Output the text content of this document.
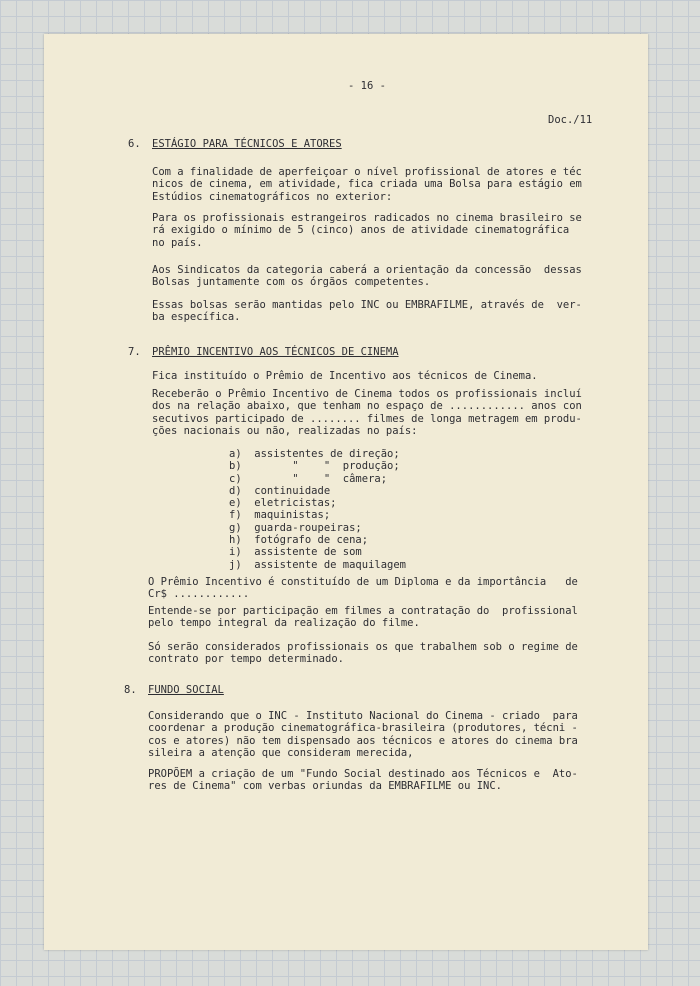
- 16 -

Doc./11

6. ESTÁGIO PARA TÉCNICOS E ATORES

Com a finalidade de aperfeiçoar o nível profissional de atores e téc
nicos de cinema, em atividade, fica criada uma Bolsa para estágio em
Estúdios cinematográficos no exterior:

Para os profissionais estrangeiros radicados no cinema brasileiro se
rá exigido o mínimo de 5 (cinco) anos de atividade cinematográfica
no país.

Aos Sindicatos da categoria caberá a orientação da concessão  dessas
Bolsas juntamente com os órgãos competentes.

Essas bolsas serão mantidas pelo INC ou EMBRAFILME, através de  ver-
ba específica.

7. PRÊMIO INCENTIVO AOS TÉCNICOS DE CINEMA

Fica instituído o Prêmio de Incentivo aos técnicos de Cinema.

Receberão o Prêmio Incentivo de Cinema todos os profissionais incluí
dos na relação abaixo, que tenham no espaço de ............ anos con
secutivos participado de ........ filmes de longa metragem em produ-
ções nacionais ou não, realizadas no país:

a)  assistentes de direção;
b)        "    "  produção;
c)        "    "  câmera;
d)  continuidade
e)  eletricistas;
f)  maquinistas;
g)  guarda-roupeiras;
h)  fotógrafo de cena;
i)  assistente de som
j)  assistente de maquilagem

O Prêmio Incentivo é constituído de um Diploma e da importância   de
Cr$ ............

Entende-se por participação em filmes a contratação do  profissional
pelo tempo integral da realização do filme.

Só serão considerados profissionais os que trabalhem sob o regime de
contrato por tempo determinado.

8. FUNDO SOCIAL

Considerando que o INC - Instituto Nacional do Cinema - criado  para
coordenar a produção cinematográfica-brasileira (produtores, técni -
cos e atores) não tem dispensado aos técnicos e atores do cinema bra
sileira a atenção que consideram merecida,

PROPÕEM a criação de um "Fundo Social destinado aos Técnicos e  Ato-
res de Cinema" com verbas oriundas da EMBRAFILME ou INC.
